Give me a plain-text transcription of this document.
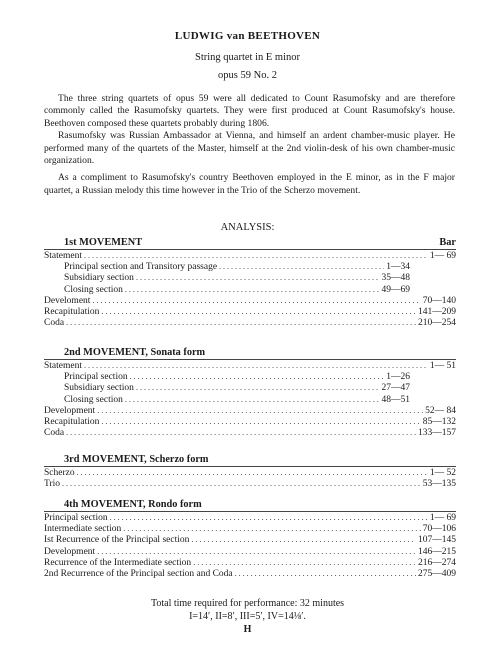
LUDWIG van BEETHOVEN
String quartet in E minor
opus 59 No. 2

The three string quartets of opus 59 were all dedicated to Count Rasumofsky and are therefore commonly called the Rasumofsky quartets. They were first produced at Count Rasumofsky's house. Beethoven composed these quartets probably during 1806.

Rasumofsky was Russian Ambassador at Vienna, and himself an ardent chamber-music player. He performed many of the quartets of the Master, himself at the 2nd violin-desk of his own chamber-music organization.

As a compliment to Rasumofsky's country Beethoven employed in the E minor, as in the F major quartet, a Russian melody this time however in the Trio of the Scherzo movement.

ANALYSIS:
1st MOVEMENT	Bar
Statement .....	1— 69
Principal section and Transitory passage .....	1—34
Subsidiary section .....	35—48
Closing section .....	49—69
Develoment .....	70—140
Recapitulation .....	141—209
Coda .....	210—254
2nd MOVEMENT, Sonata form
Statement .....	1— 51
Principal section .....	1—26
Subsidiary section .....	27—47
Closing section .....	48—51
Development .....	52— 84
Recapitulation .....	85—132
Coda .....	133—157
3rd MOVEMENT, Scherzo form
Scherzo .....	1— 52
Trio .....	53—135
4th MOVEMENT, Rondo form
Principal section .....	1— 69
Intermediate section .....	70—106
Ist Recurrence of the Principal section .....	107—145
Development .....	146—215
Recurrence of the Intermediate section .....	216—274
2nd Recurrence of the Principal section and Coda .....	275—409
Total time required for performance: 32 minutes
I=14′, II=8′, III=5′, IV=14⅛′.
H
